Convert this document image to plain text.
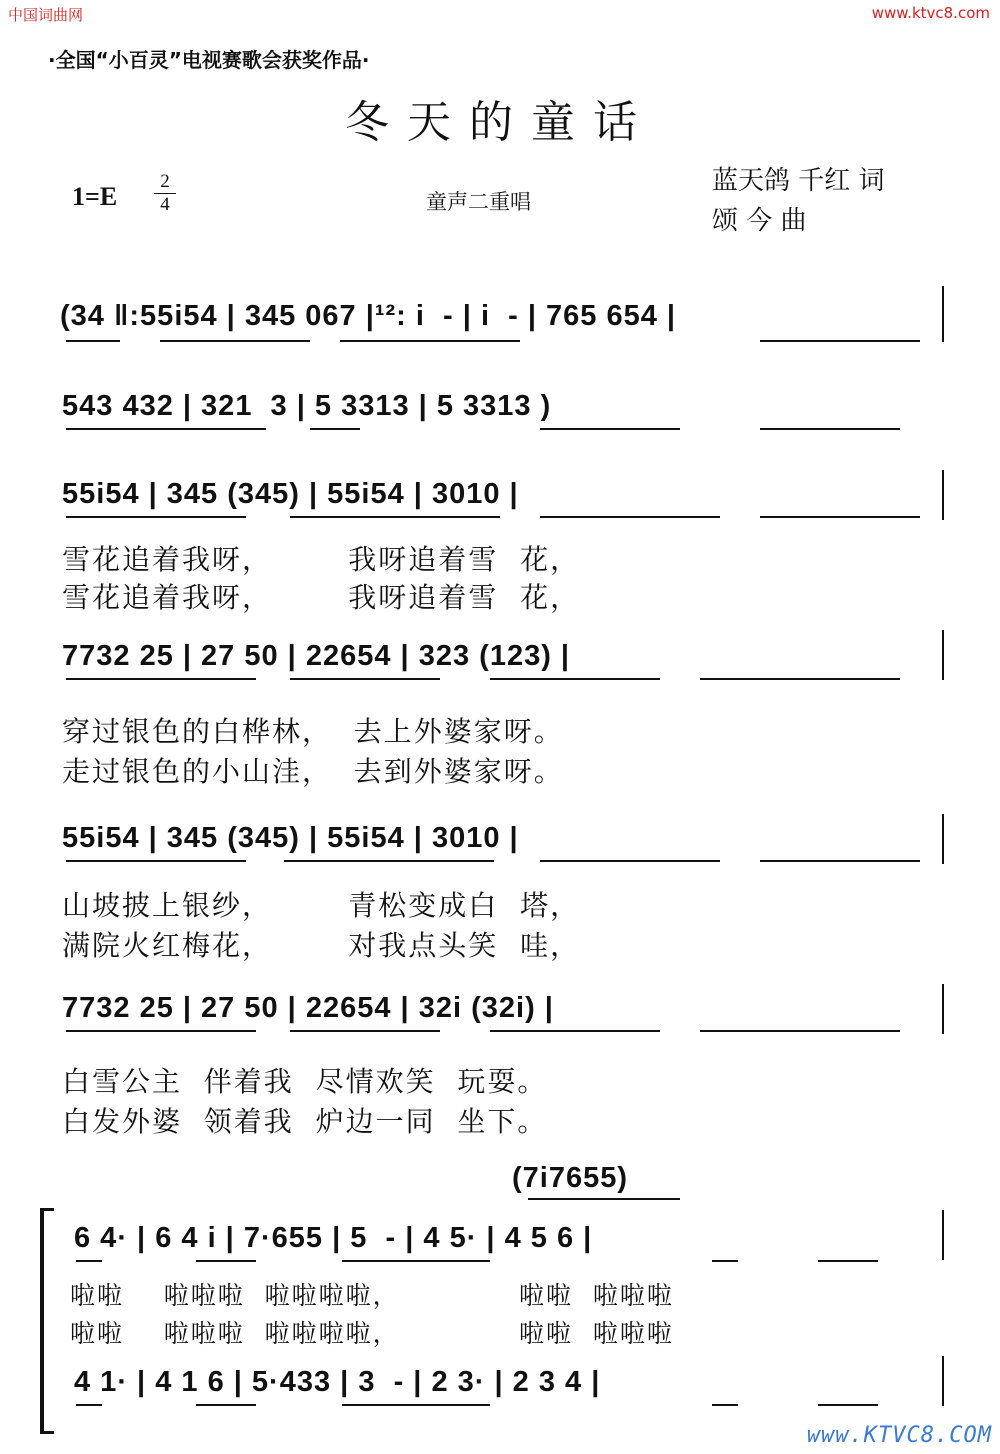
中国词曲网	www.ktvc8.com
www.KTVC8.COM
·全国“小百灵”电视赛歌会获奖作品·
冬天的童话
1=E
2
4	童声二重唱
蓝天鸽 千红 词
颂 今 曲
(34 ‖:55i54 | 345 067 |¹²: i  - | i  - | 765 654 |
543 432 | 321  3 | 5 3313 | 5 3313 )
55i54 | 345 (345) | 55i54 | 3010 |
雪花追着我呀，       我呀追着雪  花，
雪花追着我呀，       我呀追着雪  花，
7732 25 | 27 50 | 22654 | 323 (123) |
穿过银色的白桦林，  去上外婆家呀。
走过银色的小山洼，  去到外婆家呀。
55i54 | 345 (345) | 55i54 | 3010 |
山坡披上银纱，       青松变成白  塔，
满院火红梅花，       对我点头笑  哇，
7732 25 | 27 50 | 22654 | 32i (32i) |
白雪公主  伴着我  尽情欢笑  玩耍。
白发外婆  领着我  炉边一同  坐下。
(7i7655)
6 4· | 6 4 i | 7·655 | 5  - | 4 5· | 4 5 6 |
啦啦    啦啦啦  啦啦啦啦，            啦啦  啦啦啦
啦啦    啦啦啦  啦啦啦啦，            啦啦  啦啦啦
4 1· | 4 1 6 | 5·433 | 3  - | 2 3· | 2 3 4 |
